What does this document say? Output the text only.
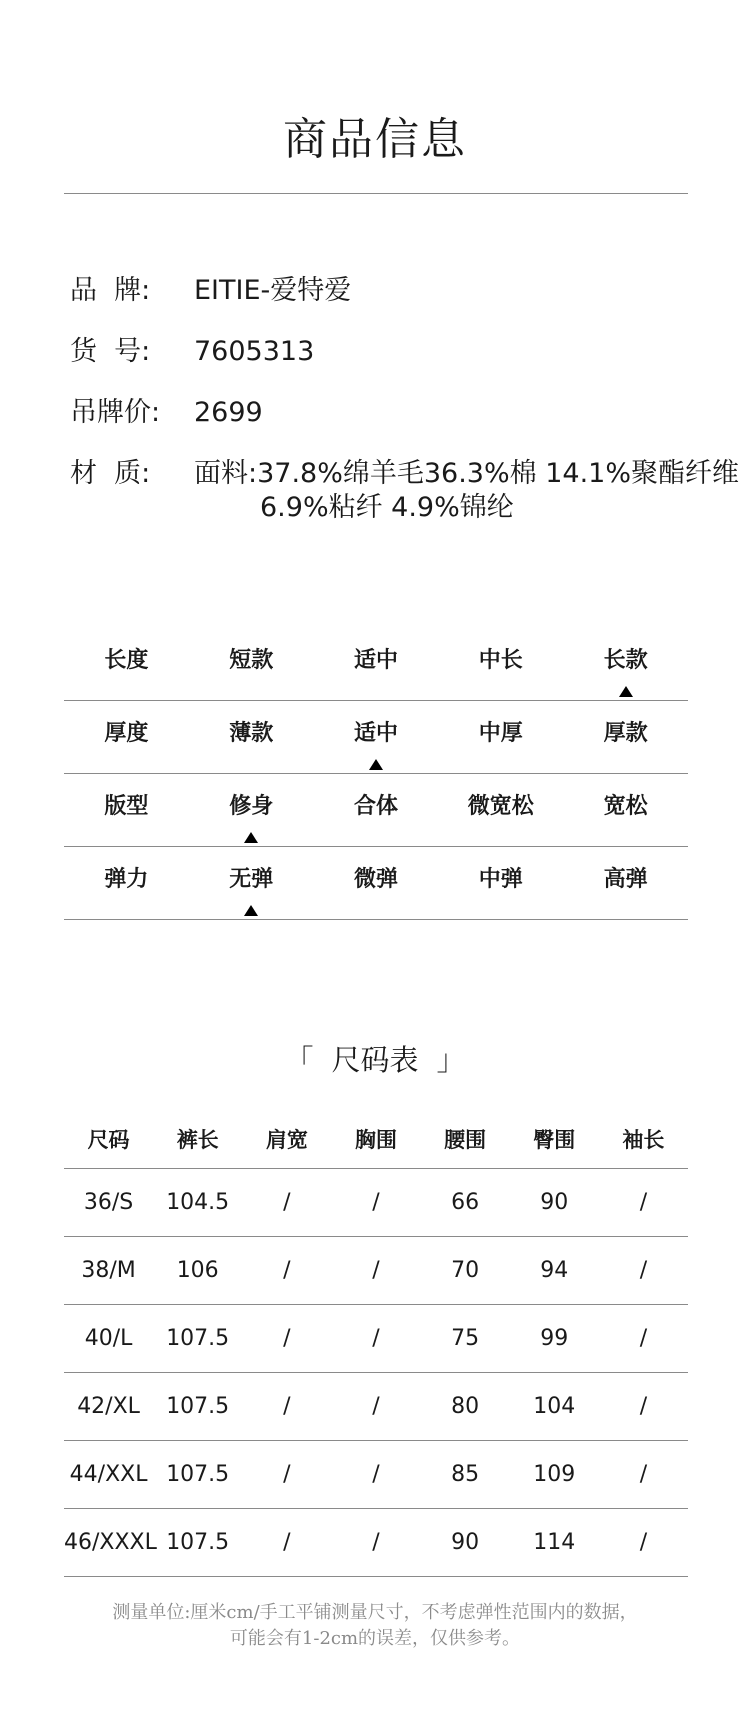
商品信息
品  牌:	EITIE-爱特爱
货  号:	7605313
吊牌价:	2699
材  质:	面料:37.8%绵羊毛36.3%棉 14.1%聚酯纤维
6.9%粘纤 4.9%锦纶
长度	短款	适中	中长	长款
厚度	薄款	适中	中厚	厚款
版型	修身	合体	微宽松	宽松
弹力	无弹	微弹	中弹	高弹
「 尺码表 」
尺码	裤长	肩宽	胸围	腰围	臀围	袖长
36/S	104.5	/	/	66	90	/
38/M	106	/	/	70	94	/
40/L	107.5	/	/	75	99	/
42/XL	107.5	/	/	80	104	/
44/XXL 107.5	/	/	85	109	/
46/XXXL 107.5	/	/	90	114	/
测量单位:厘米cm/手工平铺测量尺寸，不考虑弹性范围内的数据，
可能会有1-2cm的误差，仅供参考。
